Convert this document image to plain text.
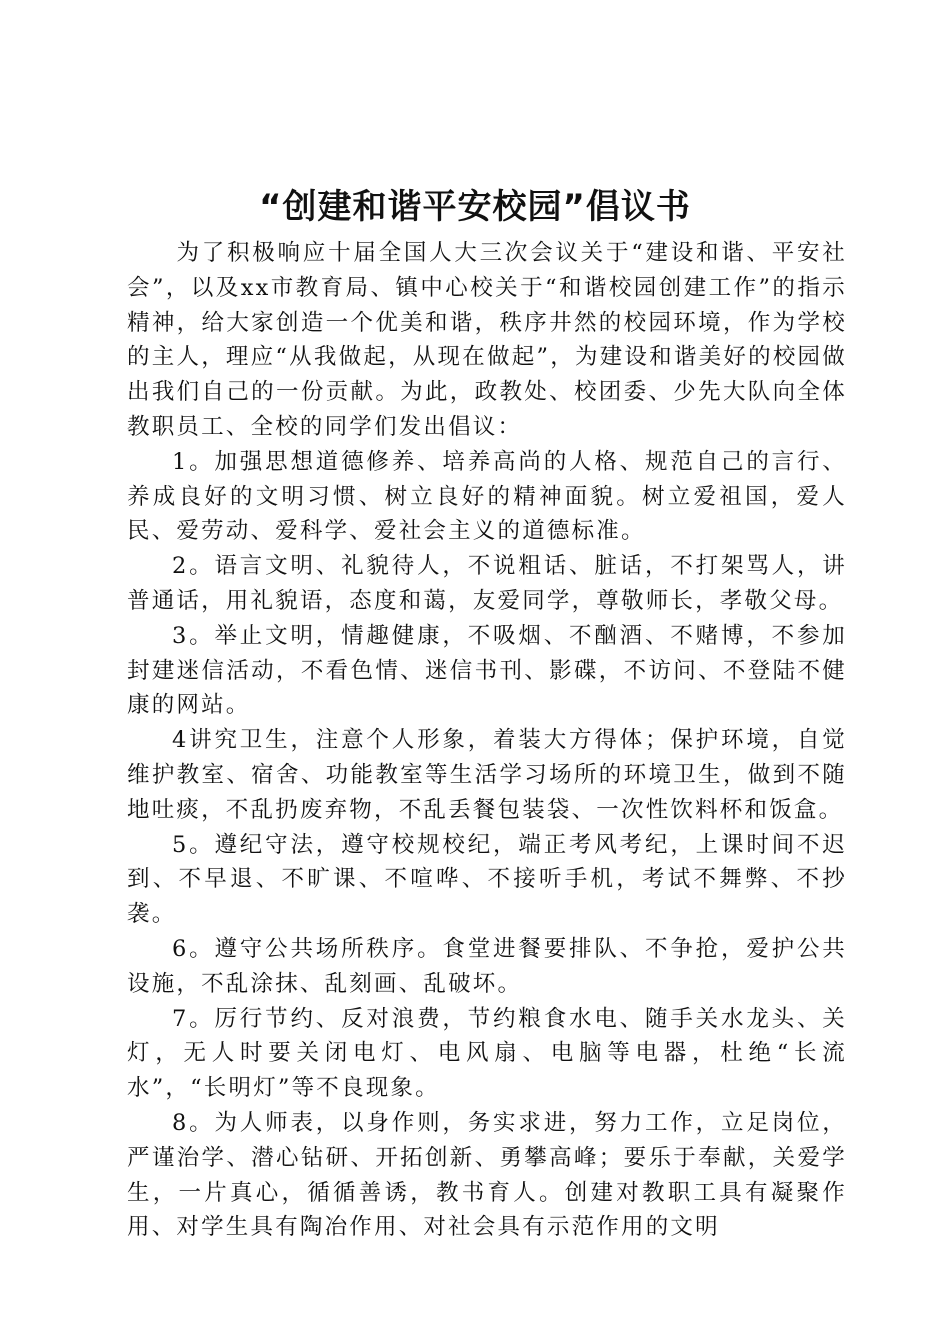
“创建和谐平安校园”倡议书

为了积极响应十届全国人大三次会议关于“建设和谐、平安社会”，以及xx市教育局、镇中心校关于“和谐校园创建工作”的指示精神，给大家创造一个优美和谐，秩序井然的校园环境，作为学校的主人，理应“从我做起，从现在做起”，为建设和谐美好的校园做出我们自己的一份贡献。为此，政教处、校团委、少先大队向全体教职员工、全校的同学们发出倡议：

1。加强思想道德修养、培养高尚的人格、规范自己的言行、养成良好的文明习惯、树立良好的精神面貌。树立爱祖国，爱人民、爱劳动、爱科学、爱社会主义的道德标准。

2。语言文明、礼貌待人，不说粗话、脏话，不打架骂人，讲普通话，用礼貌语，态度和蔼，友爱同学，尊敬师长，孝敬父母。

3。举止文明，情趣健康，不吸烟、不酗酒、不赌博，不参加封建迷信活动，不看色情、迷信书刊、影碟，不访问、不登陆不健康的网站。

4讲究卫生，注意个人形象，着装大方得体；保护环境，自觉维护教室、宿舍、功能教室等生活学习场所的环境卫生，做到不随地吐痰，不乱扔废弃物，不乱丢餐包装袋、一次性饮料杯和饭盒。

5。遵纪守法，遵守校规校纪，端正考风考纪，上课时间不迟到、不早退、不旷课、不喧哗、不接听手机，考试不舞弊、不抄袭。

6。遵守公共场所秩序。食堂进餐要排队、不争抢，爱护公共设施，不乱涂抹、乱刻画、乱破坏。

7。厉行节约、反对浪费，节约粮食水电、随手关水龙头、关灯，无人时要关闭电灯、电风扇、电脑等电器，杜绝“长流水”，“长明灯”等不良现象。

8。为人师表，以身作则，务实求进，努力工作，立足岗位，严谨治学、潜心钻研、开拓创新、勇攀高峰；要乐于奉献，关爱学生，一片真心，循循善诱，教书育人。创建对教职工具有凝聚作用、对学生具有陶冶作用、对社会具有示范作用的文明
